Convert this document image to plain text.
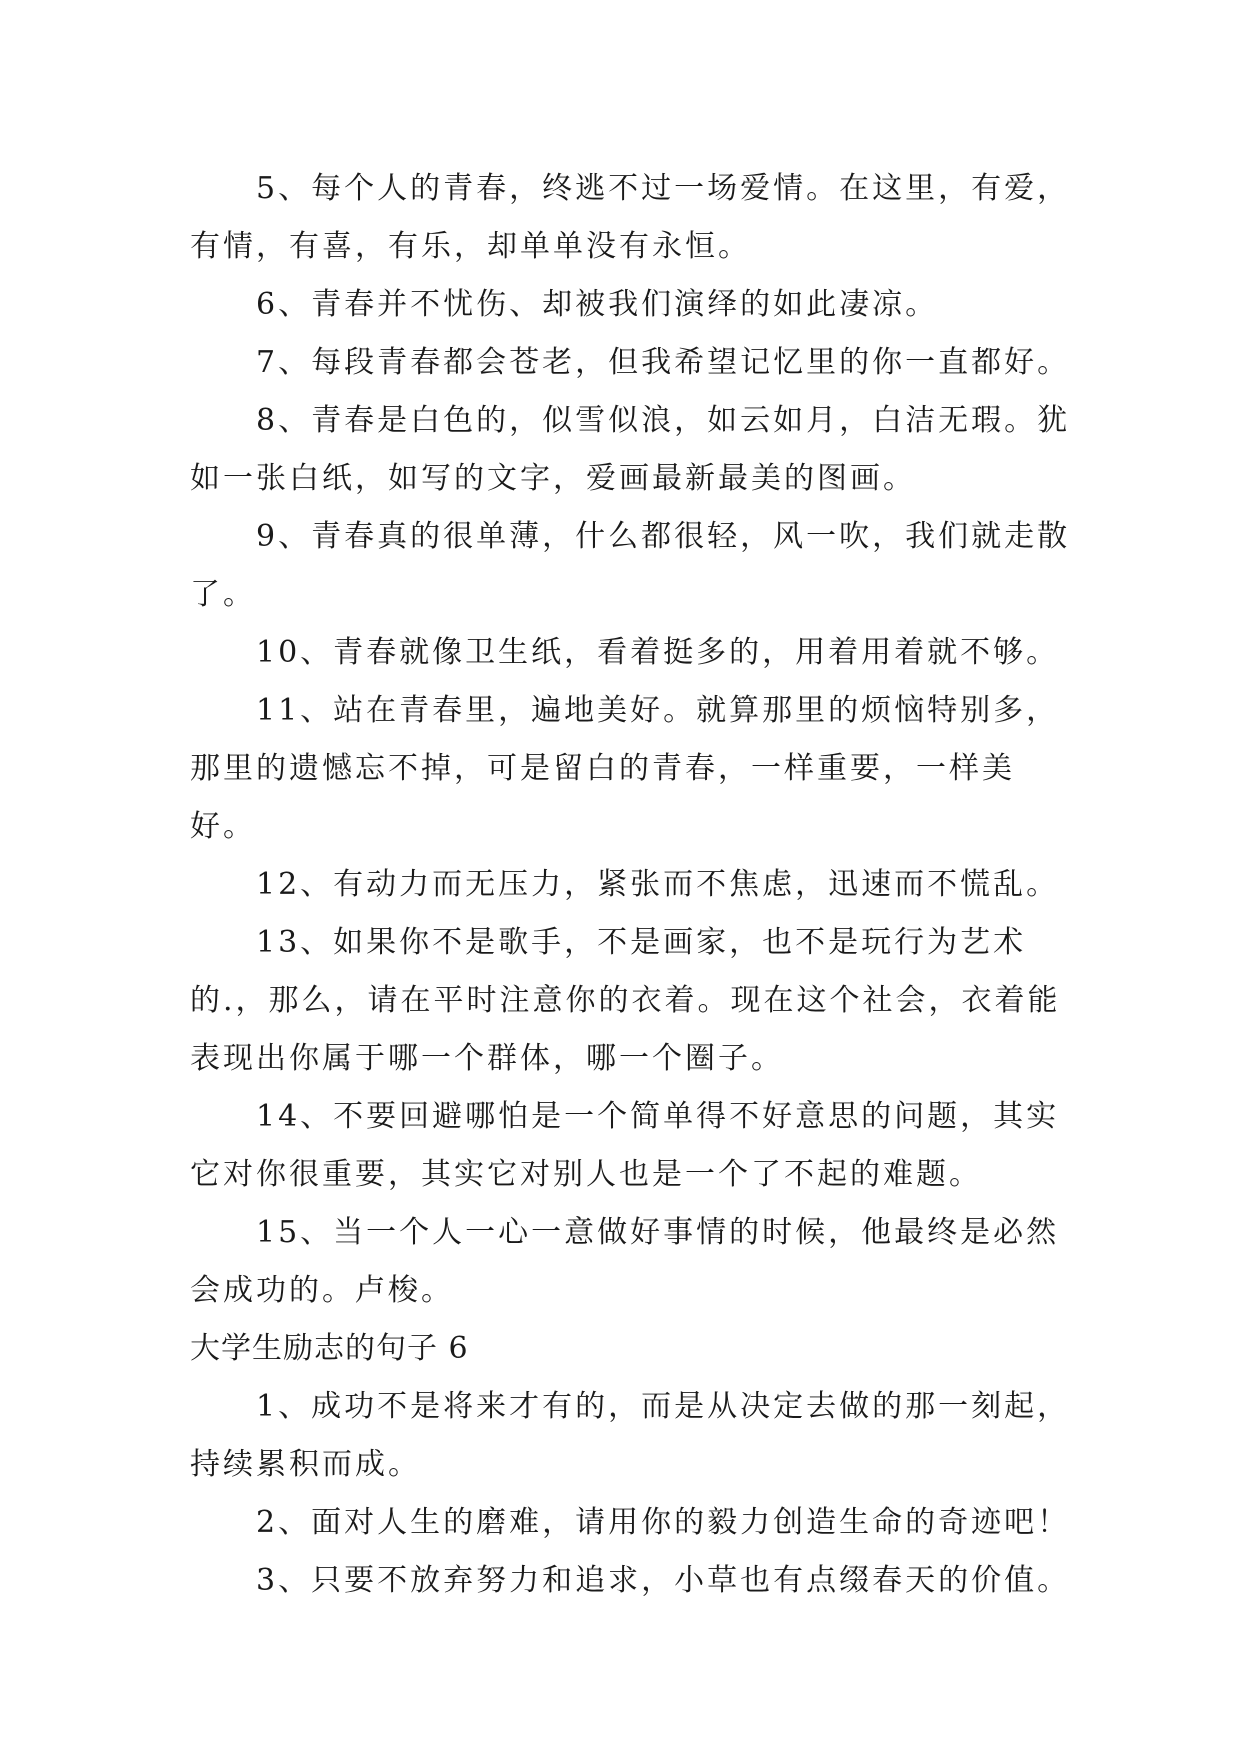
5、每个人的青春，终逃不过一场爱情。在这里，有爱，有情，有喜，有乐，却单单没有永恒。

6、青春并不忧伤、却被我们演绎的如此凄凉。

7、每段青春都会苍老，但我希望记忆里的你一直都好。

8、青春是白色的，似雪似浪，如云如月，白洁无瑕。犹如一张白纸，如写的文字，爱画最新最美的图画。

9、青春真的很单薄，什么都很轻，风一吹，我们就走散了。

10、青春就像卫生纸，看着挺多的，用着用着就不够。

11、站在青春里，遍地美好。就算那里的烦恼特别多，那里的遗憾忘不掉，可是留白的青春，一样重要，一样美好。

12、有动力而无压力，紧张而不焦虑，迅速而不慌乱。

13、如果你不是歌手，不是画家，也不是玩行为艺术的.，那么，请在平时注意你的衣着。现在这个社会，衣着能表现出你属于哪一个群体，哪一个圈子。

14、不要回避哪怕是一个简单得不好意思的问题，其实它对你很重要，其实它对别人也是一个了不起的难题。

15、当一个人一心一意做好事情的时候，他最终是必然会成功的。卢梭。

大学生励志的句子 6

1、成功不是将来才有的，而是从决定去做的那一刻起，持续累积而成。

2、面对人生的磨难，请用你的毅力创造生命的奇迹吧！

3、只要不放弃努力和追求，小草也有点缀春天的价值。
